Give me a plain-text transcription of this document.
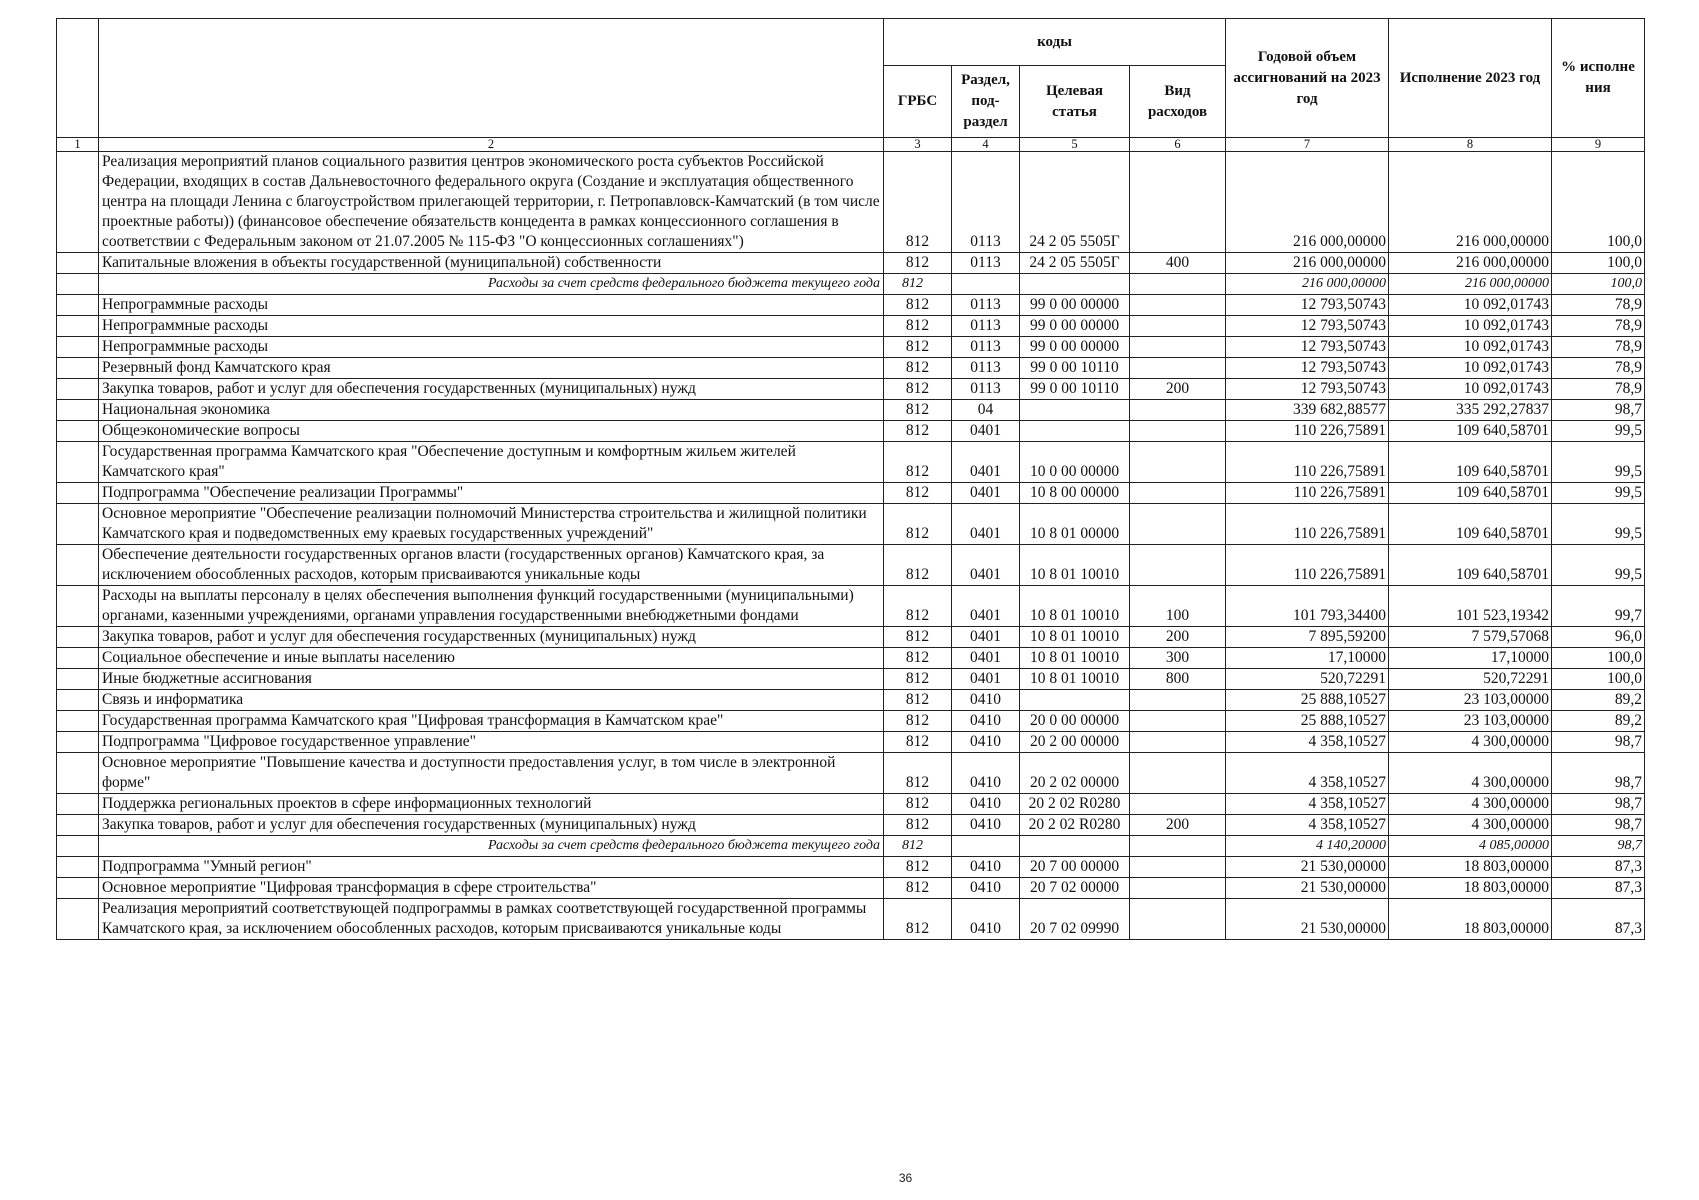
		коды				Годовой объем ассигнований на 2023 год	Исполнение 2023 год	% исполне ния
		ГРБС	Раздел, под-раздел	Целевая статья	Вид расходов			
1	2	3	4	5	6	7	8	9
	Реализация мероприятий планов социального развития центров экономического роста субъектов Российской Федерации, входящих в состав Дальневосточного федерального округа (Создание и эксплуатация общественного центра на площади Ленина с благоустройством прилегающей территории, г. Петропавловск-Камчатский (в том числе проектные работы)) (финансовое обеспечение обязательств концедента в рамках концессионного соглашения в соответствии с Федеральным законом от 21.07.2005 № 115-ФЗ "О концессионных соглашениях")	812	0113	24 2 05 5505Г		216 000,00000	216 000,00000	100,0
	Капитальные вложения в объекты государственной (муниципальной) собственности	812	0113	24 2 05 5505Г	400	216 000,00000	216 000,00000	100,0
	Расходы за счет средств федерального бюджета текущего года	812				216 000,00000	216 000,00000	100,0
	Непрограммные расходы	812	0113	99 0 00 00000		12 793,50743	10 092,01743	78,9
	Непрограммные расходы	812	0113	99 0 00 00000		12 793,50743	10 092,01743	78,9
	Непрограммные расходы	812	0113	99 0 00 00000		12 793,50743	10 092,01743	78,9
	Резервный фонд Камчатского края	812	0113	99 0 00 10110		12 793,50743	10 092,01743	78,9
	Закупка товаров, работ и услуг для обеспечения государственных (муниципальных) нужд	812	0113	99 0 00 10110	200	12 793,50743	10 092,01743	78,9
	Национальная экономика	812	04			339 682,88577	335 292,27837	98,7
	Общеэкономические вопросы	812	0401			110 226,75891	109 640,58701	99,5
	Государственная программа Камчатского края "Обеспечение доступным и комфортным жильем жителей Камчатского края"	812	0401	10 0 00 00000		110 226,75891	109 640,58701	99,5
	Подпрограмма "Обеспечение реализации Программы"	812	0401	10 8 00 00000		110 226,75891	109 640,58701	99,5
	Основное мероприятие "Обеспечение реализации полномочий Министерства строительства и жилищной политики Камчатского края и подведомственных ему краевых государственных учреждений"	812	0401	10 8 01 00000		110 226,75891	109 640,58701	99,5
	Обеспечение деятельности государственных органов власти (государственных органов) Камчатского края, за исключением обособленных расходов, которым присваиваются уникальные коды	812	0401	10 8 01 10010		110 226,75891	109 640,58701	99,5
	Расходы на выплаты персоналу в целях обеспечения выполнения функций государственными (муниципальными) органами, казенными учреждениями, органами управления государственными внебюджетными фондами	812	0401	10 8 01 10010	100	101 793,34400	101 523,19342	99,7
	Закупка товаров, работ и услуг для обеспечения государственных (муниципальных) нужд	812	0401	10 8 01 10010	200	7 895,59200	7 579,57068	96,0
	Социальное обеспечение и иные выплаты населению	812	0401	10 8 01 10010	300	17,10000	17,10000	100,0
	Иные бюджетные ассигнования	812	0401	10 8 01 10010	800	520,72291	520,72291	100,0
	Связь и информатика	812	0410			25 888,10527	23 103,00000	89,2
	Государственная программа Камчатского края "Цифровая трансформация в Камчатском крае"	812	0410	20 0 00 00000		25 888,10527	23 103,00000	89,2
	Подпрограмма "Цифровое государственное управление"	812	0410	20 2 00 00000		4 358,10527	4 300,00000	98,7
	Основное мероприятие "Повышение качества и доступности предоставления услуг, в том числе в электронной форме"	812	0410	20 2 02 00000		4 358,10527	4 300,00000	98,7
	Поддержка региональных проектов в сфере информационных технологий	812	0410	20 2 02 R0280		4 358,10527	4 300,00000	98,7
	Закупка товаров, работ и услуг для обеспечения государственных (муниципальных) нужд	812	0410	20 2 02 R0280	200	4 358,10527	4 300,00000	98,7
	Расходы за счет средств федерального бюджета текущего года	812				4 140,20000	4 085,00000	98,7
	Подпрограмма "Умный регион"	812	0410	20 7 00 00000		21 530,00000	18 803,00000	87,3
	Основное мероприятие "Цифровая трансформация в сфере строительства"	812	0410	20 7 02 00000		21 530,00000	18 803,00000	87,3
	Реализация мероприятий соответствующей подпрограммы в рамках соответствующей государственной программы Камчатского края, за исключением обособленных расходов, которым присваиваются уникальные коды	812	0410	20 7 02 09990		21 530,00000	18 803,00000	87,3
36
